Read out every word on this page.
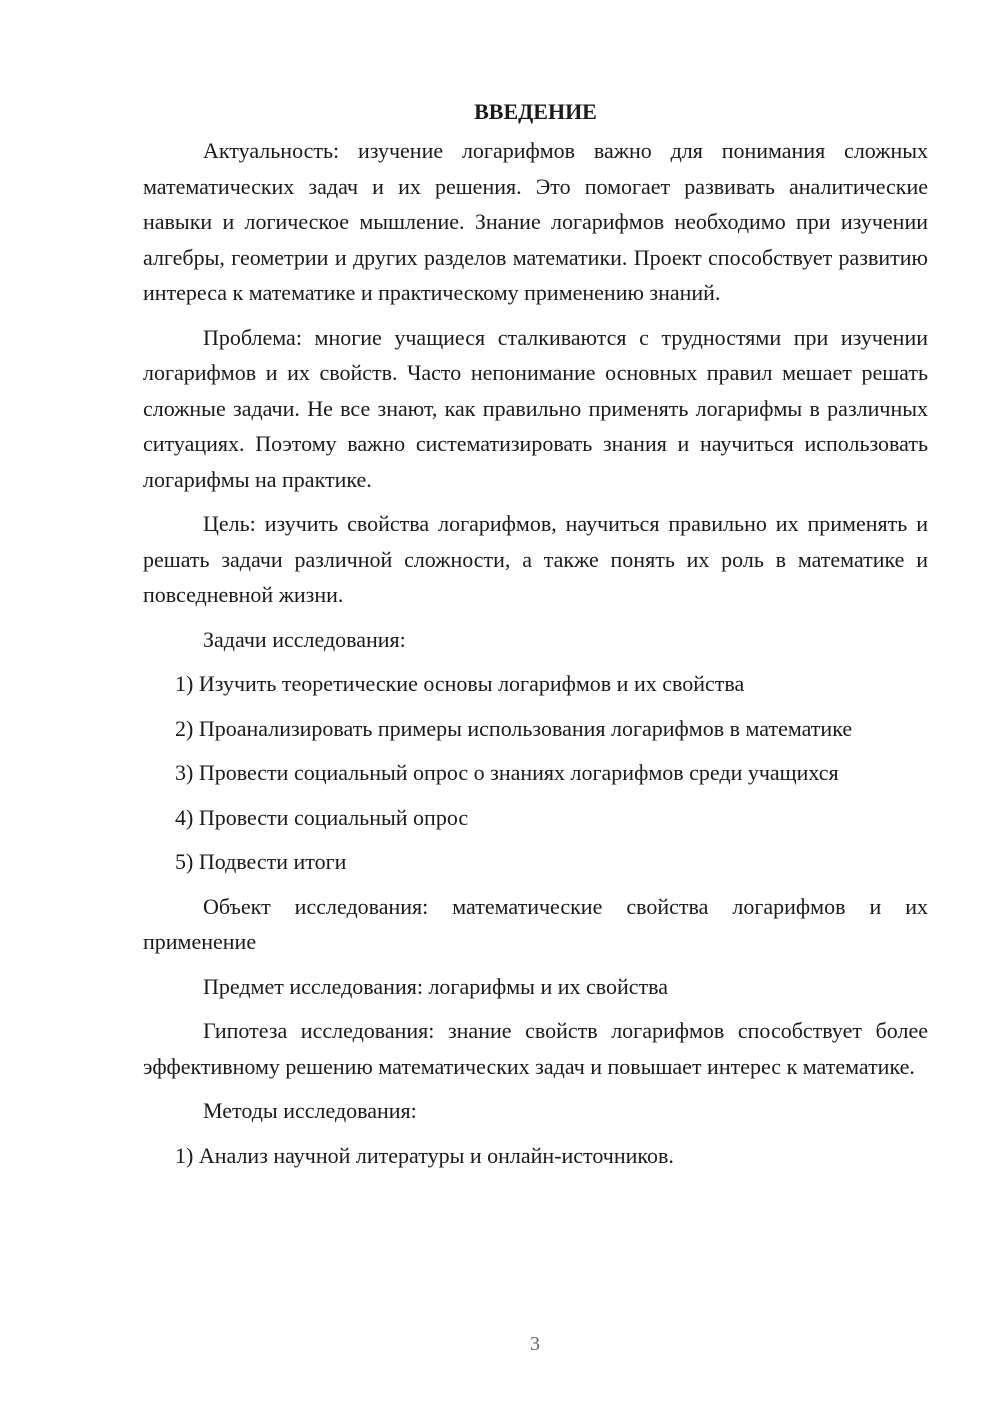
ВВЕДЕНИЕ

Актуальность: изучение логарифмов важно для понимания сложных математических задач и их решения. Это помогает развивать аналитические навыки и логическое мышление. Знание логарифмов необходимо при изучении алгебры, геометрии и других разделов математики. Проект способствует развитию интереса к математике и практическому применению знаний.

Проблема: многие учащиеся сталкиваются с трудностями при изучении логарифмов и их свойств. Часто непонимание основных правил мешает решать сложные задачи. Не все знают, как правильно применять логарифмы в различных ситуациях. Поэтому важно систематизировать знания и научиться использовать логарифмы на практике.

Цель: изучить свойства логарифмов, научиться правильно их применять и решать задачи различной сложности, а также понять их роль в математике и повседневной жизни.

Задачи исследования:

1) Изучить теоретические основы логарифмов и их свойства

2) Проанализировать примеры использования логарифмов в математике

3) Провести социальный опрос о знаниях логарифмов среди учащихся

4) Провести социальный опрос

5) Подвести итоги

Объект исследования: математические свойства логарифмов и их применение

Предмет исследования: логарифмы и их свойства

Гипотеза исследования: знание свойств логарифмов способствует более эффективному решению математических задач и повышает интерес к математике.

Методы исследования:

1) Анализ научной литературы и онлайн-источников.

3
